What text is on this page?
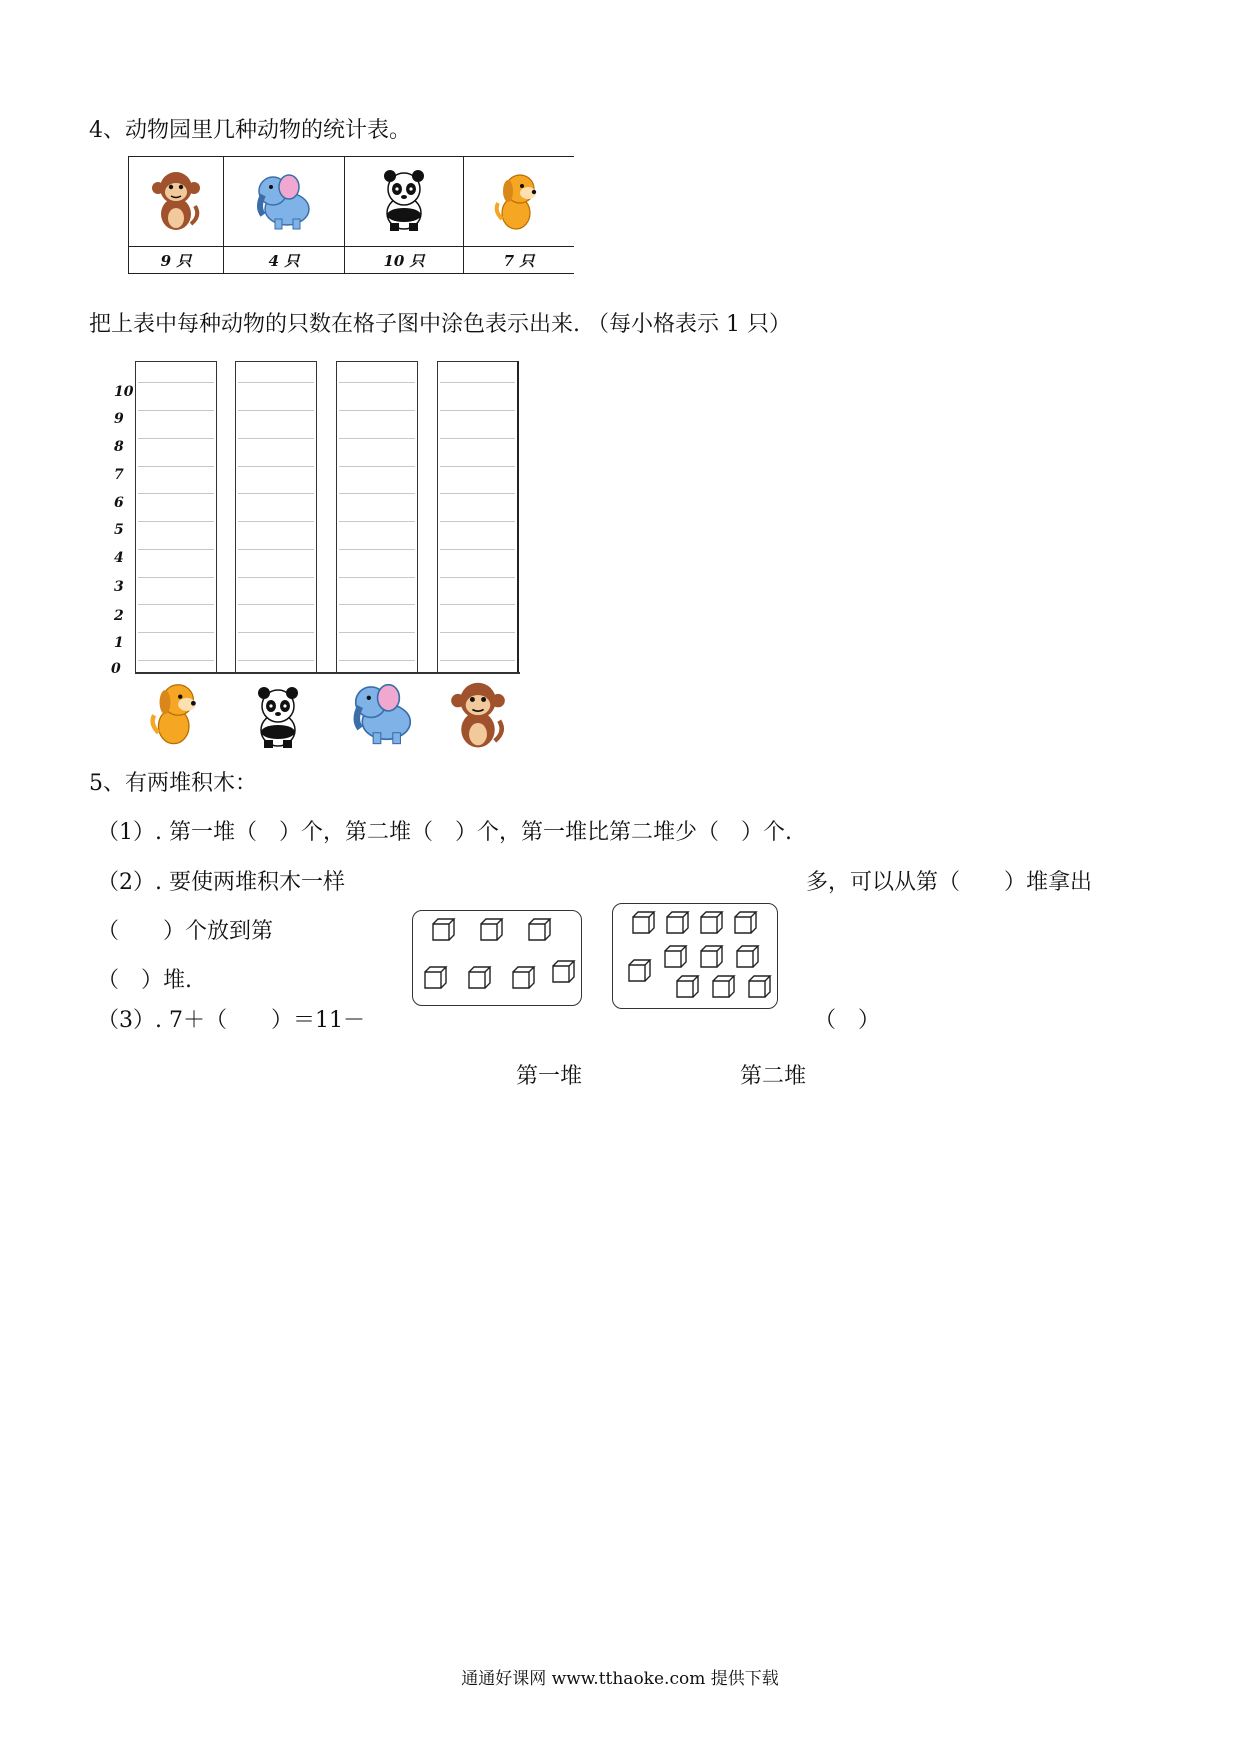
4、动物园里几种动物的统计表。

9 只	4 只	10 只	7 只
把上表中每种动物的只数在格子图中涂色表示出来. （每小格表示 1 只）
10
9
8
7
6
5
4
3
2
1
0
5、有两堆积木：
（1）. 第一堆（　）个，第二堆（　）个，第一堆比第二堆少（　）个.
（2）. 要使两堆积木一样	多，可以从第（　　）堆拿出
（　　）个放到第
（　）堆.
（3）. 7＋（　　）＝11－	（　）
第一堆	第二堆
通通好课网 www.tthaoke.com 提供下载
